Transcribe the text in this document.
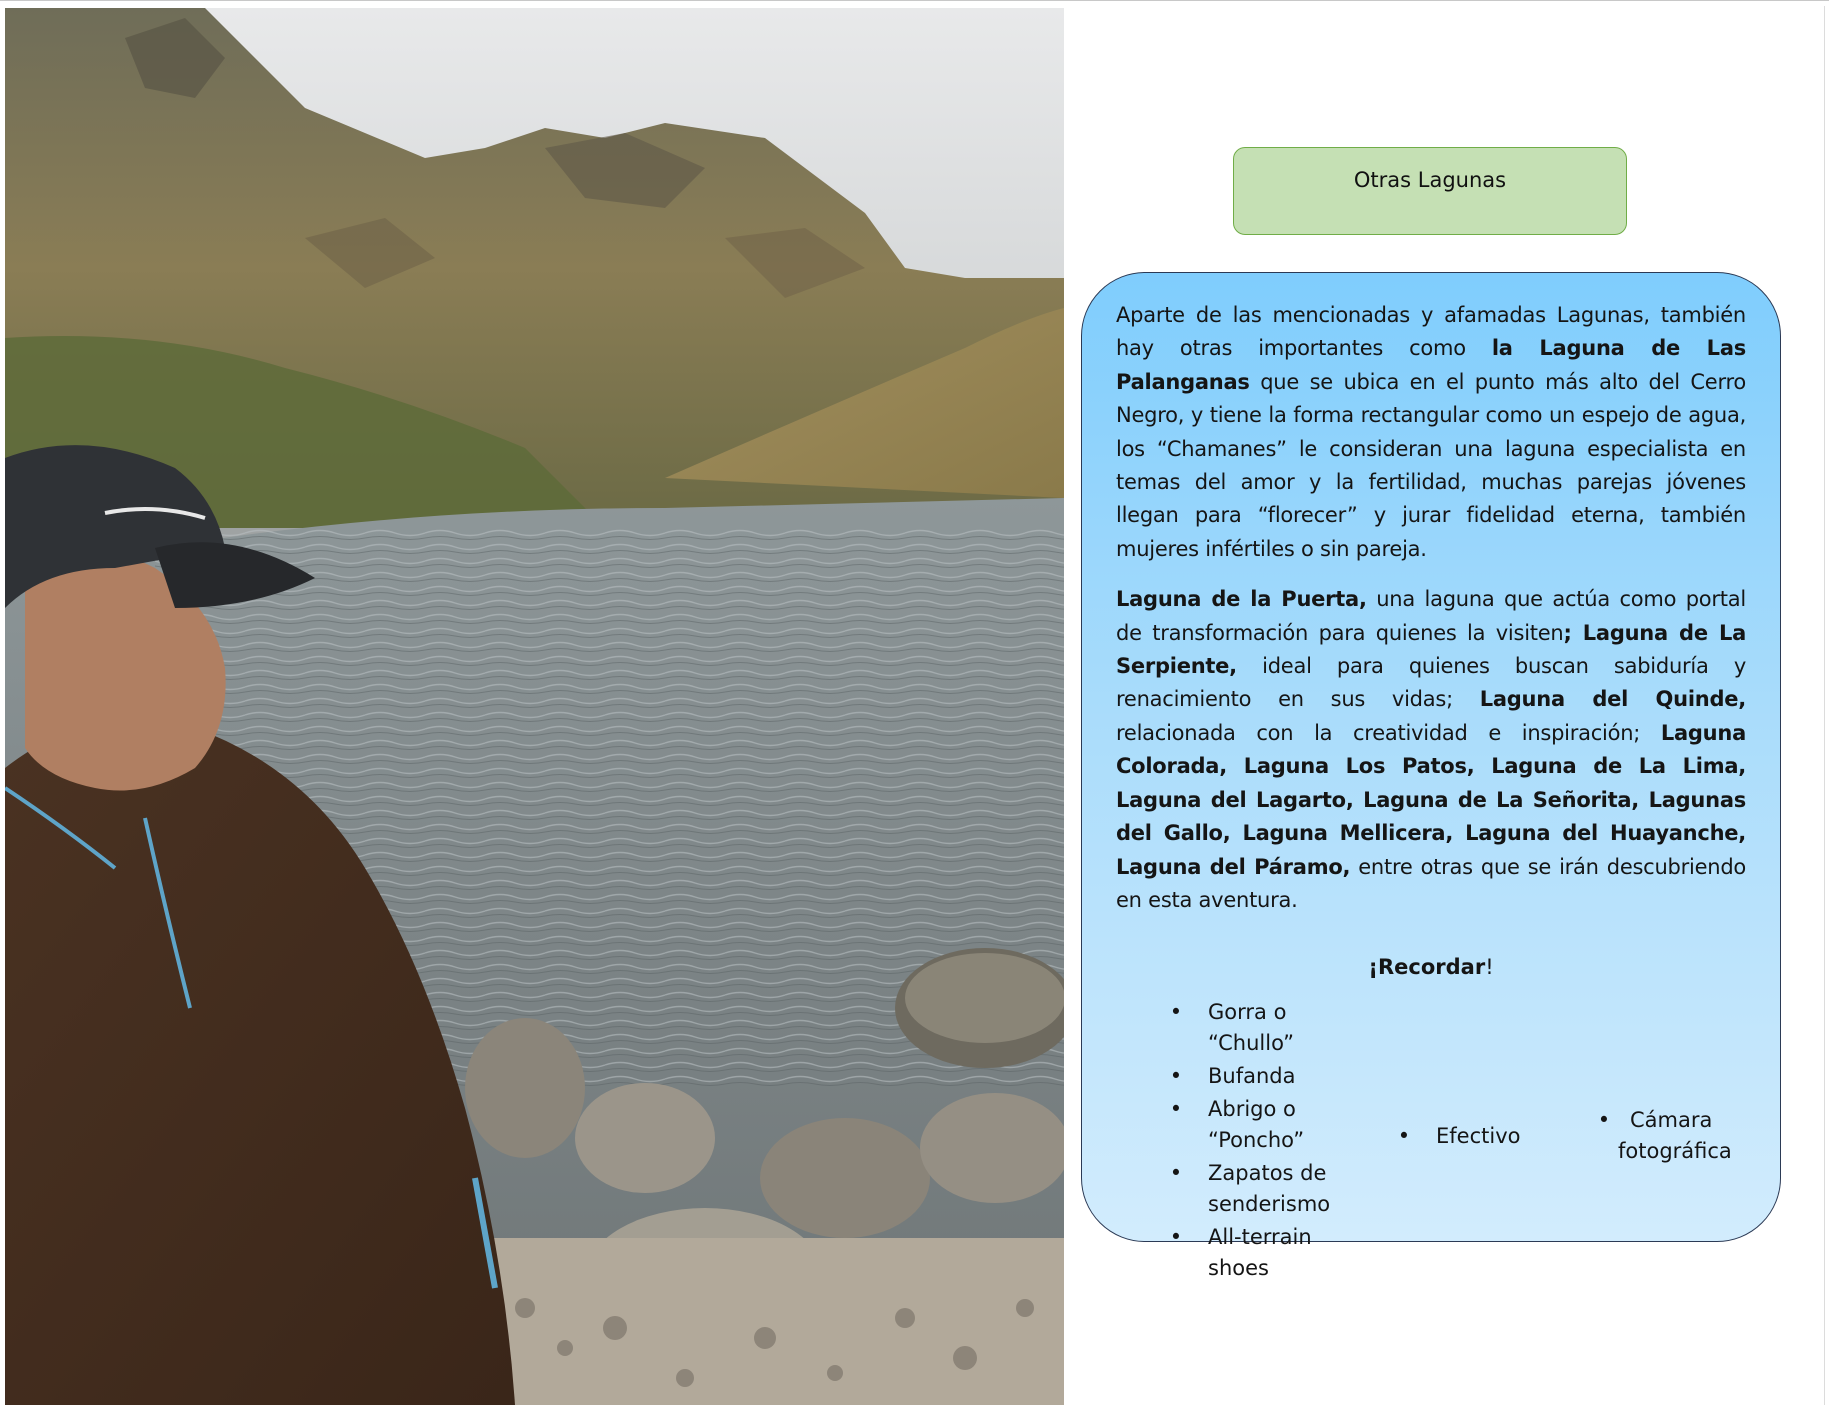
Otras Lagunas

Aparte de las mencionadas y afamadas Lagunas, también hay otras importantes como la Laguna de Las Palanganas que se ubica en el punto más alto del Cerro Negro, y tiene la forma rectangular como un espejo de agua, los “Chamanes” le consideran una laguna especialista en temas del amor y la fertilidad, muchas parejas jóvenes llegan para “florecer” y jurar fidelidad eterna, también mujeres infértiles o sin pareja.

Laguna de la Puerta, una laguna que actúa como portal de transformación para quienes la visiten; Laguna de La Serpiente, ideal para quienes buscan sabiduría y renacimiento en sus vidas; Laguna del Quinde, relacionada con la creatividad e inspiración; Laguna Colorada, Laguna Los Patos, Laguna de La Lima, Laguna del Lagarto, Laguna de La Señorita, Lagunas del Gallo, Laguna Mellicera, Laguna del Huayanche, Laguna del Páramo, entre otras que se irán descubriendo en esta aventura.

¡Recordar!
• Gorra o “Chullo”
• Bufanda
• Abrigo o “Poncho”
• Zapatos de senderismo
• All-terrain shoes
• Efectivo
• Cámara
fotográfica
